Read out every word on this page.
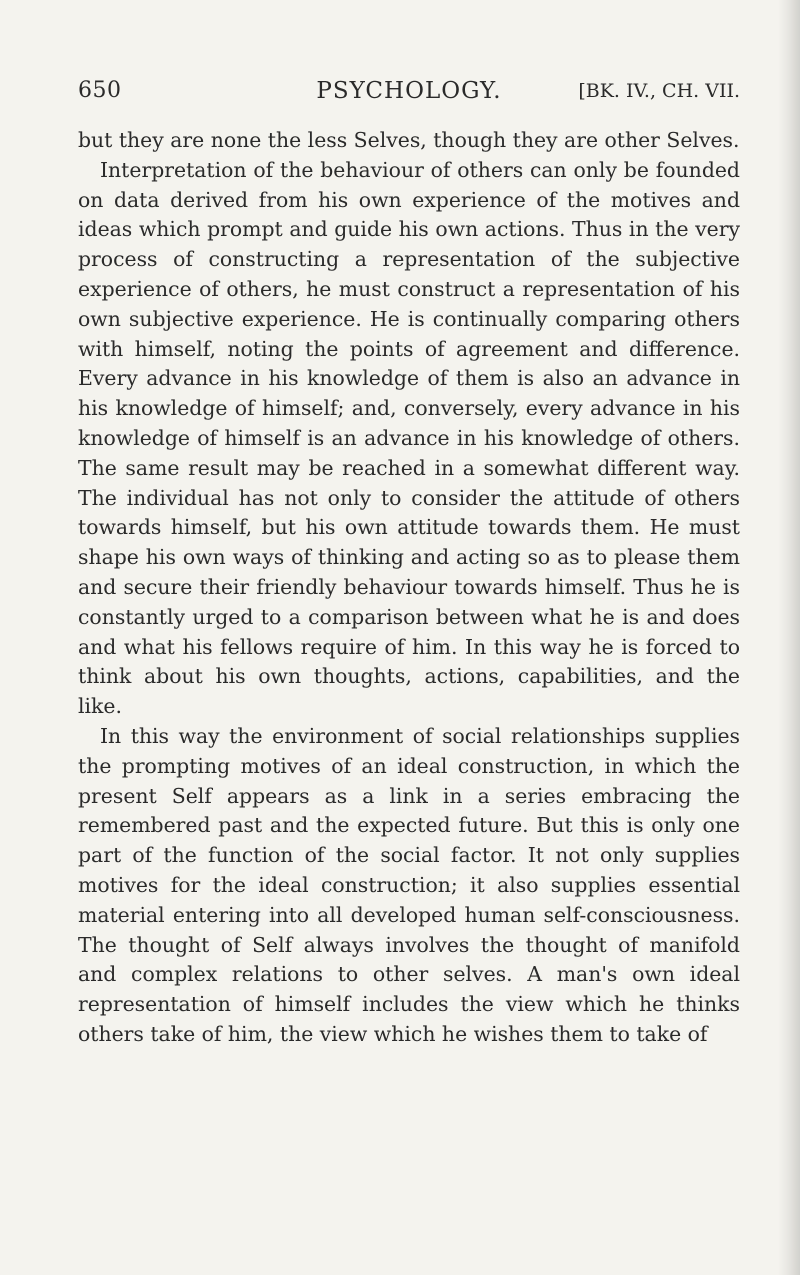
650	PSYCHOLOGY.	[BK. IV., CH. VII.

but they are none the less Selves, though they are other Selves.

Interpretation of the behaviour of others can only be founded on data derived from his own experience of the motives and ideas which prompt and guide his own actions. Thus in the very process of constructing a representation of the subjective experience of others, he must construct a representation of his own subjective experience. He is continually comparing others with himself, noting the points of agreement and difference. Every advance in his knowledge of them is also an advance in his knowledge of himself; and, conversely, every advance in his knowledge of himself is an advance in his knowledge of others. The same result may be reached in a somewhat different way. The individual has not only to consider the attitude of others towards himself, but his own attitude towards them. He must shape his own ways of thinking and acting so as to please them and secure their friendly behaviour towards himself. Thus he is constantly urged to a comparison between what he is and does and what his fellows require of him. In this way he is forced to think about his own thoughts, actions, capabilities, and the like.

In this way the environment of social relationships supplies the prompting motives of an ideal construction, in which the present Self appears as a link in a series embracing the remembered past and the expected future. But this is only one part of the function of the social factor. It not only supplies motives for the ideal construction; it also supplies essential material entering into all developed human self-consciousness. The thought of Self always involves the thought of manifold and complex relations to other selves. A man's own ideal representation of himself includes the view which he thinks others take of him, the view which he wishes them to take of
